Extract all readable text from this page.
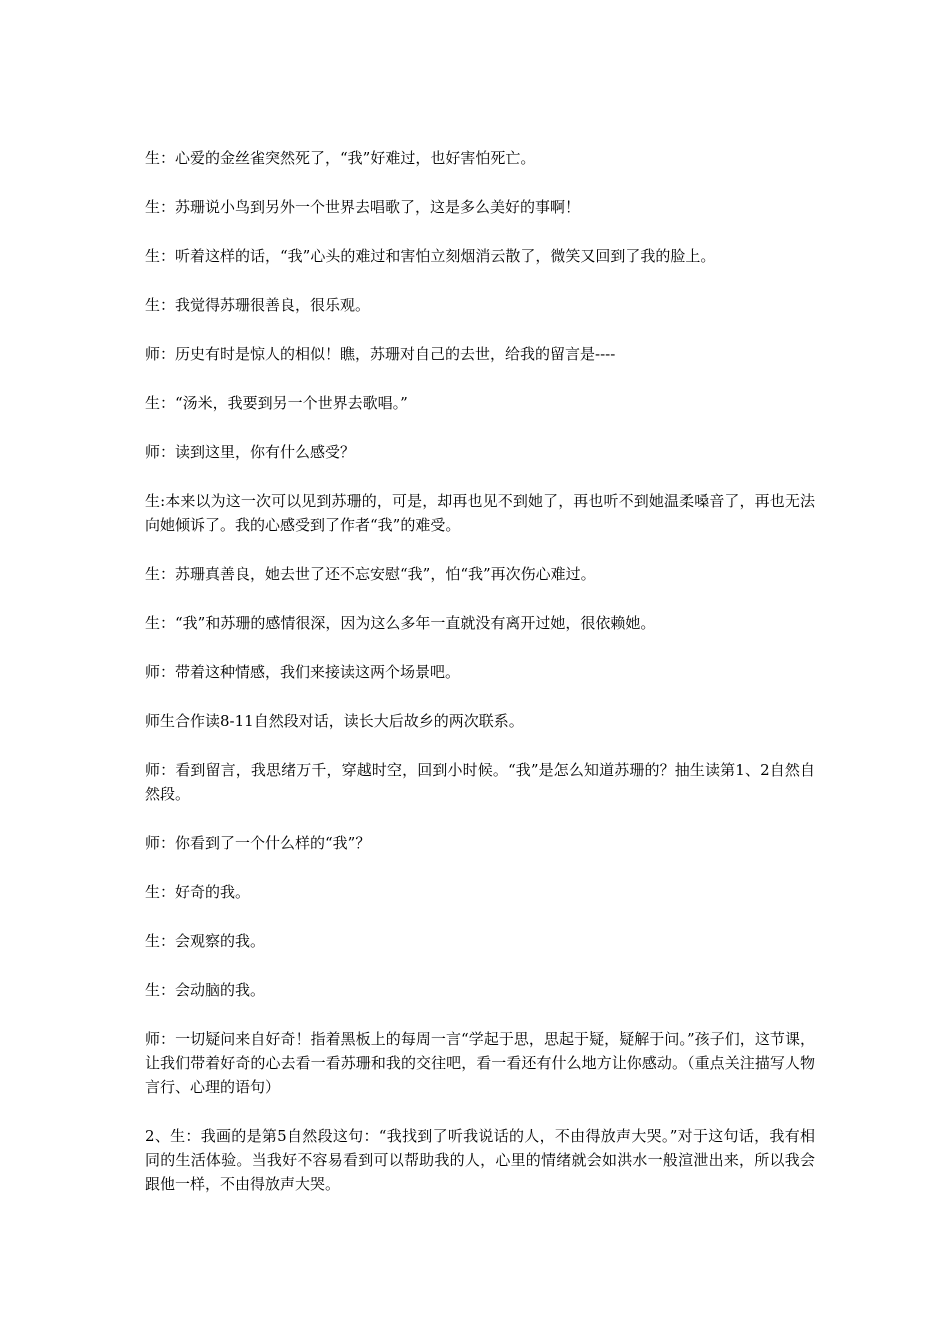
生：心爱的金丝雀突然死了，“我”好难过，也好害怕死亡。

生：苏珊说小鸟到另外一个世界去唱歌了，这是多么美好的事啊！

生：听着这样的话，“我”心头的难过和害怕立刻烟消云散了，微笑又回到了我的脸上。

生：我觉得苏珊很善良，很乐观。

师：历史有时是惊人的相似！瞧，苏珊对自己的去世，给我的留言是----

生：“汤米，我要到另一个世界去歌唱。”

师：读到这里，你有什么感受？

生:本来以为这一次可以见到苏珊的，可是，却再也见不到她了，再也听不到她温柔嗓音了，再也无法向她倾诉了。我的心感受到了作者“我”的难受。

生：苏珊真善良，她去世了还不忘安慰“我”，怕“我”再次伤心难过。

生：“我”和苏珊的感情很深，因为这么多年一直就没有离开过她，很依赖她。

师：带着这种情感，我们来接读这两个场景吧。

师生合作读8-11自然段对话，读长大后故乡的两次联系。

师：看到留言，我思绪万千，穿越时空，回到小时候。“我”是怎么知道苏珊的？抽生读第1、2自然自然段。

师：你看到了一个什么样的“我”？

生：好奇的我。

生：会观察的我。

生：会动脑的我。

师：一切疑问来自好奇！指着黑板上的每周一言“学起于思，思起于疑，疑解于问。”孩子们，这节课，让我们带着好奇的心去看一看苏珊和我的交往吧，看一看还有什么地方让你感动。（重点关注描写人物言行、心理的语句）

2、生：我画的是第5自然段这句：“我找到了听我说话的人，不由得放声大哭。”对于这句话，我有相同的生活体验。当我好不容易看到可以帮助我的人，心里的情绪就会如洪水一般渲泄出来，所以我会跟他一样，不由得放声大哭。
